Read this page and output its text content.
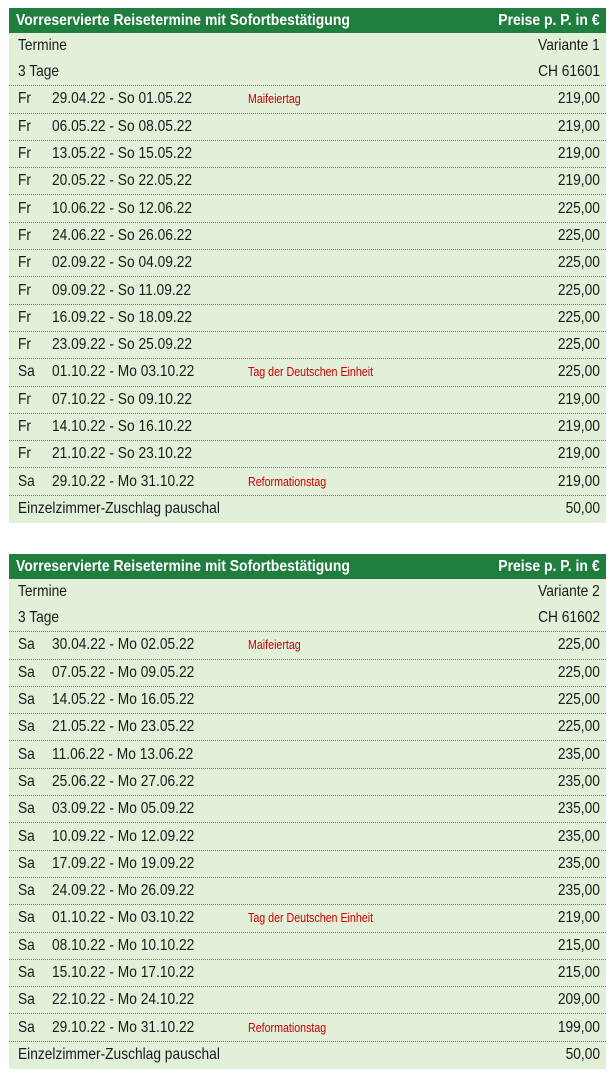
Vorreservierte Reisetermine mit Sofortbestätigung	Preise p. P. in €
Termine	Variante 1
3 Tage	CH 61601
Fr	29.04.22 - So 01.05.22	Maifeiertag	219,00
Fr	06.05.22 - So 08.05.22	219,00
Fr	13.05.22 - So 15.05.22	219,00
Fr	20.05.22 - So 22.05.22	219,00
Fr	10.06.22 - So 12.06.22	225,00
Fr	24.06.22 - So 26.06.22	225,00
Fr	02.09.22 - So 04.09.22	225,00
Fr	09.09.22 - So 11.09.22	225,00
Fr	16.09.22 - So 18.09.22	225,00
Fr	23.09.22 - So 25.09.22	225,00
Sa	01.10.22 - Mo 03.10.22	Tag der Deutschen Einheit	225,00
Fr	07.10.22 - So 09.10.22	219,00
Fr	14.10.22 - So 16.10.22	219,00
Fr	21.10.22 - So 23.10.22	219,00
Sa	29.10.22 - Mo 31.10.22	Reformationstag	219,00
Einzelzimmer-Zuschlag pauschal	50,00
Vorreservierte Reisetermine mit Sofortbestätigung	Preise p. P. in €
Termine	Variante 2
3 Tage	CH 61602
Sa	30.04.22 - Mo 02.05.22	Maifeiertag	225,00
Sa	07.05.22 - Mo 09.05.22	225,00
Sa	14.05.22 - Mo 16.05.22	225,00
Sa	21.05.22 - Mo 23.05.22	225,00
Sa	11.06.22 - Mo 13.06.22	235,00
Sa	25.06.22 - Mo 27.06.22	235,00
Sa	03.09.22 - Mo 05.09.22	235,00
Sa	10.09.22 - Mo 12.09.22	235,00
Sa	17.09.22 - Mo 19.09.22	235,00
Sa	24.09.22 - Mo 26.09.22	235,00
Sa	01.10.22 - Mo 03.10.22	Tag der Deutschen Einheit	219,00
Sa	08.10.22 - Mo 10.10.22	215,00
Sa	15.10.22 - Mo 17.10.22	215,00
Sa	22.10.22 - Mo 24.10.22	209,00
Sa	29.10.22 - Mo 31.10.22	Reformationstag	199,00
Einzelzimmer-Zuschlag pauschal	50,00
